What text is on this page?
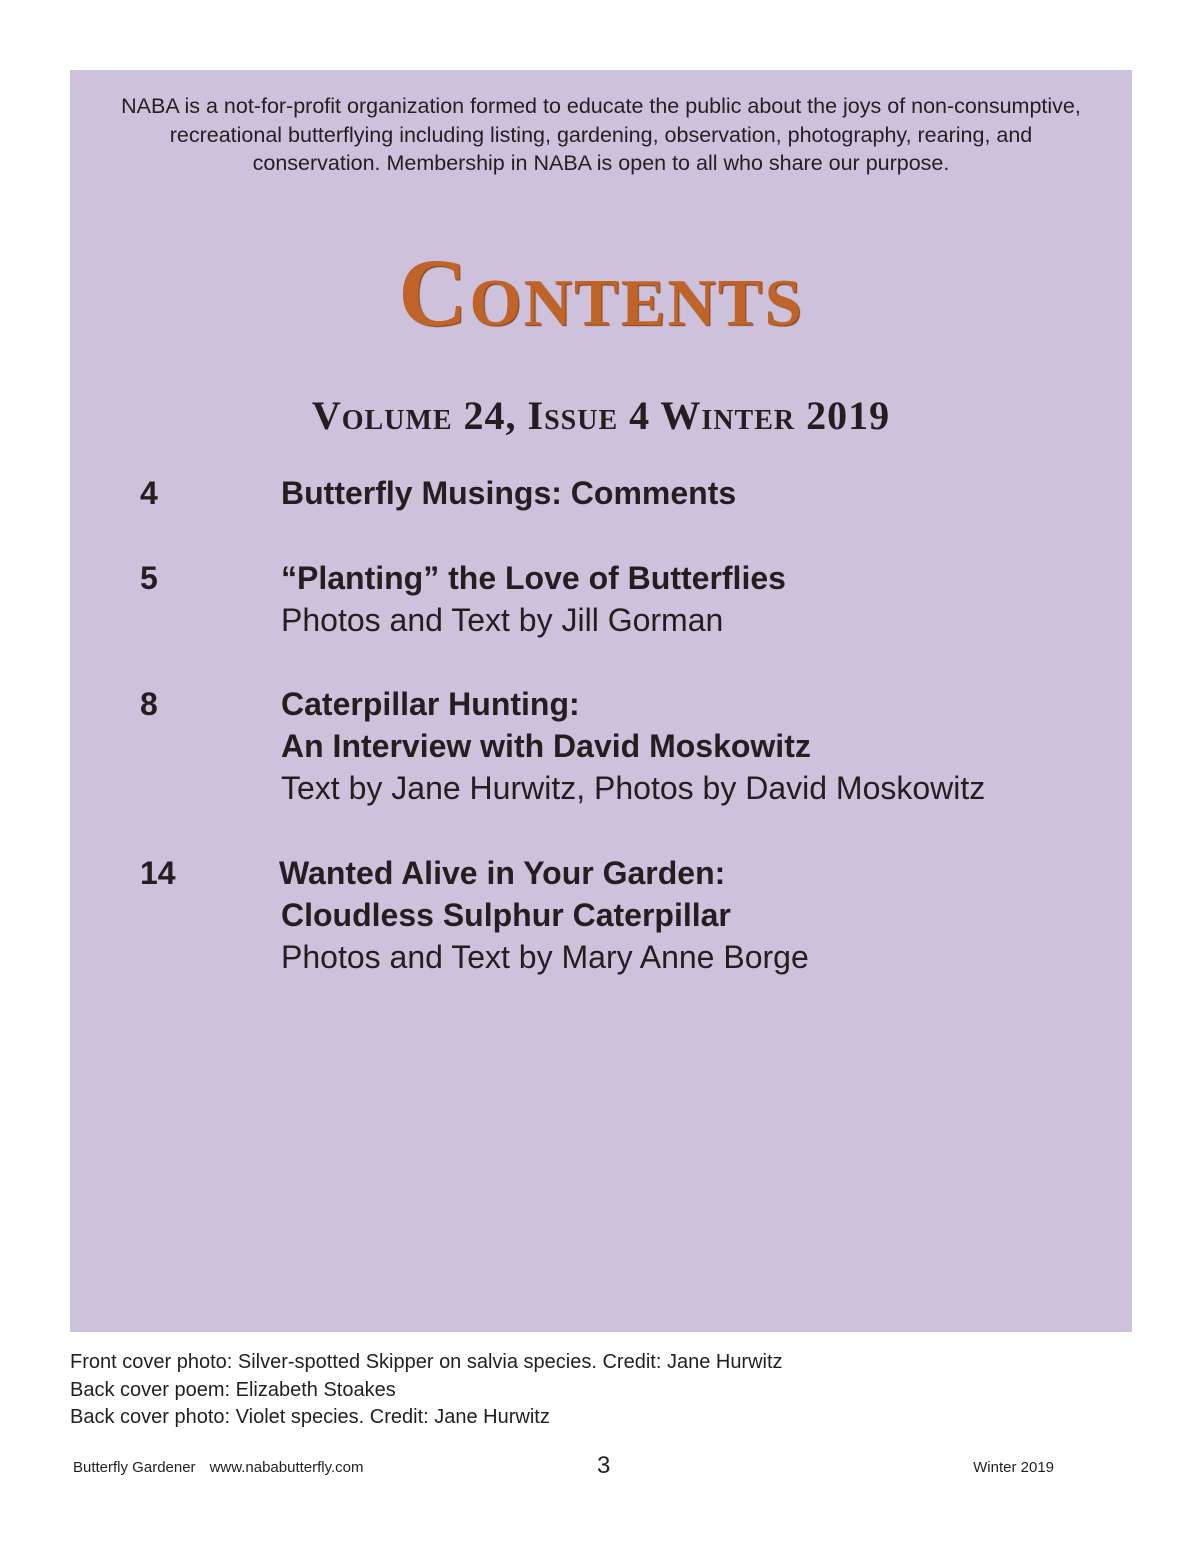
NABA is a not-for-profit organization formed to educate the public about the joys of non-consumptive, recreational butterflying including listing, gardening, observation, photography, rearing, and conservation. Membership in NABA is open to all who share our purpose.

Contents
Volume 24, Issue 4 Winter 2019
4	Butterfly Musings: Comments
5	“Planting” the Love of Butterflies
Photos and Text by Jill Gorman
8	Caterpillar Hunting:
An Interview with David Moskowitz
Text by Jane Hurwitz, Photos by David Moskowitz
14	Wanted Alive in Your Garden:
Cloudless Sulphur Caterpillar
Photos and Text by Mary Anne Borge
Front cover photo: Silver-spotted Skipper on salvia species. Credit: Jane Hurwitz
Back cover poem: Elizabeth Stoakes
Back cover photo: Violet species. Credit: Jane Hurwitz
Butterfly Gardener www.nababutterfly.com	3	Winter 2019
